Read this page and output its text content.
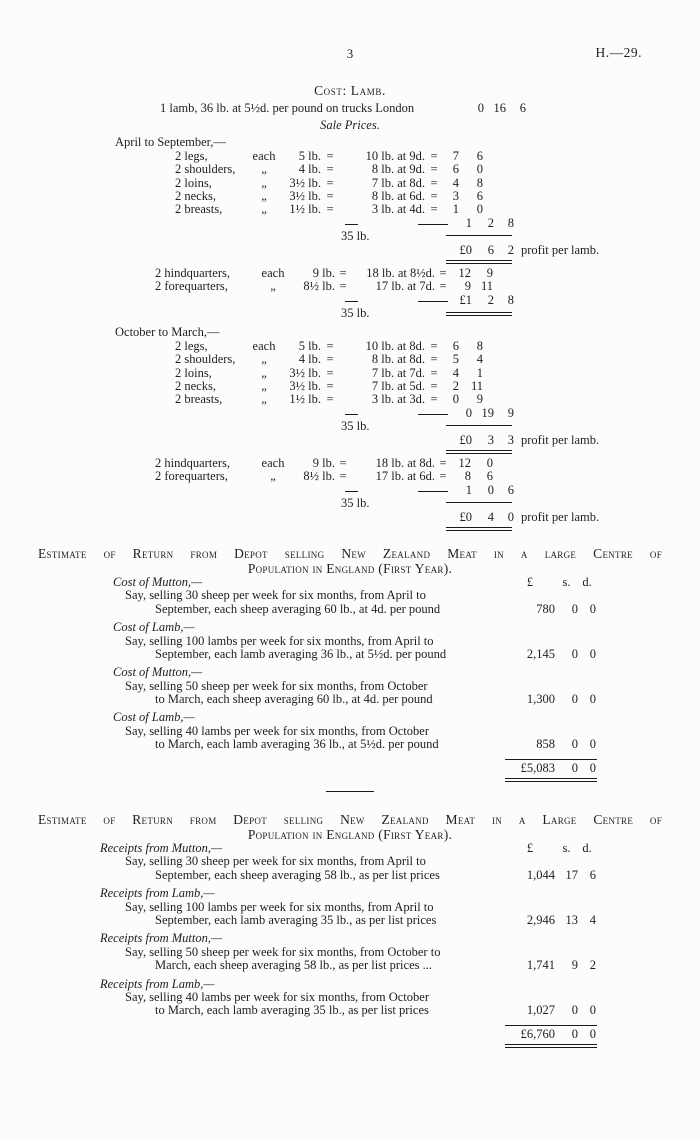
3	H.—29.
Cost: Lamb.
1 lamb, 36 lb. at 5½d. per pound on trucks London	0 16	6
Sale Prices.
April to September,—
2 legs,	each	5 lb. =	10 lb. at 9d. =	7	6
2 shoulders,	„	4 lb. =	8 lb. at 9d. =	6	0
2 loins,	„	3½ lb. =	7 lb. at 8d. =	4	8
2 necks,	„	3½ lb. =	8 lb. at 6d. =	3	6
2 breasts,	„	1½ lb. =	3 lb. at 4d. =	1	0
1	2	8
35 lb.
£0	6	2 profit per lamb.
2 hindquarters,	each	9 lb. =	18 lb. at 8½d. = 12	9
2 forequarters,	„	8½ lb. =	17 lb. at 7d. =	9 11
£1	2	8
35 lb.
October to March,—
2 legs,	each	5 lb. =	10 lb. at 8d. =	6	8
2 shoulders,	„	4 lb. =	8 lb. at 8d. =	5	4
2 loins,	„	3½ lb. =	7 lb. at 7d. =	4	1
2 necks,	„	3½ lb. =	7 lb. at 5d. =	2 11
2 breasts,	„	1½ lb. =	3 lb. at 3d. =	0	9
0 19	9
35 lb.
£0	3	3 profit per lamb.
2 hindquarters,	each	9 lb. =	18 lb. at 8d. = 12	0
2 forequarters,	„	8½ lb. =	17 lb. at 6d. =	8	6
1	0	6
35 lb.
£0	4	0 profit per lamb.
Estimate of Return from Depot selling New Zealand Meat in a large Centre of
Population in England (First Year).
Cost of Mutton,—	£	s. d.
Say, selling 30 sheep per week for six months, from April to
September, each sheep averaging 60 lb., at 4d. per pound	780	0 0
Cost of Lamb,—
Say, selling 100 lambs per week for six months, from April to
September, each lamb averaging 36 lb., at 5½d. per pound	2,145	0 0
Cost of Mutton,—
Say, selling 50 sheep per week for six months, from October
to March, each sheep averaging 60 lb., at 4d. per pound	1,300	0 0
Cost of Lamb,—
Say, selling 40 lambs per week for six months, from October
to March, each lamb averaging 36 lb., at 5½d. per pound	858	0 0
£5,083	0 0
Estimate of Return from Depot selling New Zealand Meat in a Large Centre of
Population in England (First Year).
Receipts from Mutton,—	£	s. d.
Say, selling 30 sheep per week for six months, from April to
September, each sheep averaging 58 lb., as per list prices	1,044 17 6
Receipts from Lamb,—
Say, selling 100 lambs per week for six months, from April to
September, each lamb averaging 35 lb., as per list prices	2,946 13 4
Receipts from Mutton,—
Say, selling 50 sheep per week for six months, from October to
March, each sheep averaging 58 lb., as per list prices ...	1,741	9 2
Receipts from Lamb,—
Say, selling 40 lambs per week for six months, from October
to March, each lamb averaging 35 lb., as per list prices	1,027	0 0
£6,760	0 0
